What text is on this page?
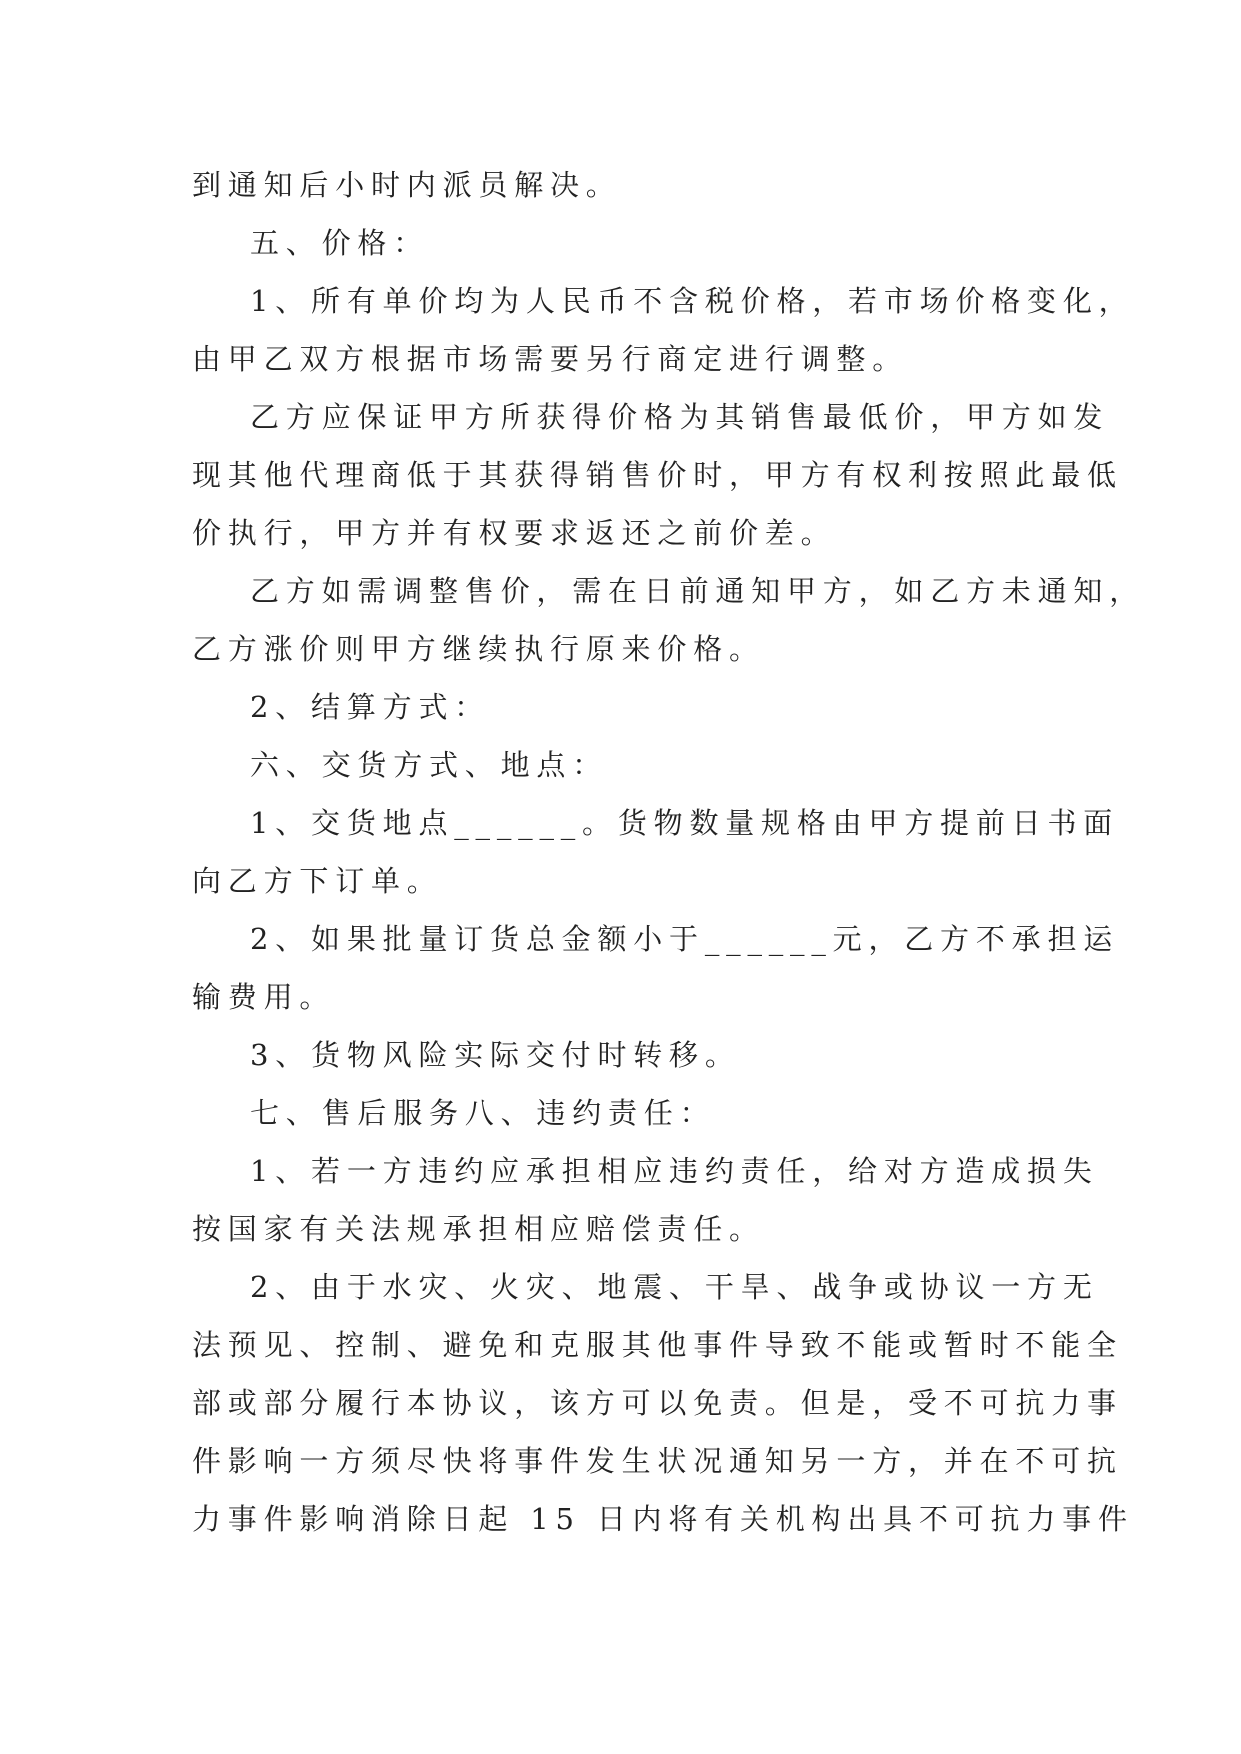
到通知后小时内派员解决。
五、价格：
1、所有单价均为人民币不含税价格，若市场价格变化，
由甲乙双方根据市场需要另行商定进行调整。
乙方应保证甲方所获得价格为其销售最低价，甲方如发
现其他代理商低于其获得销售价时，甲方有权利按照此最低
价执行，甲方并有权要求返还之前价差。
乙方如需调整售价，需在日前通知甲方，如乙方未通知，
乙方涨价则甲方继续执行原来价格。
2、结算方式：
六、交货方式、地点：
1、交货地点______。货物数量规格由甲方提前日书面
向乙方下订单。
2、如果批量订货总金额小于______元，乙方不承担运
输费用。
3、货物风险实际交付时转移。
七、售后服务八、违约责任：
1、若一方违约应承担相应违约责任，给对方造成损失
按国家有关法规承担相应赔偿责任。
2、由于水灾、火灾、地震、干旱、战争或协议一方无
法预见、控制、避免和克服其他事件导致不能或暂时不能全
部或部分履行本协议，该方可以免责。但是，受不可抗力事
件影响一方须尽快将事件发生状况通知另一方，并在不可抗
力事件影响消除日起 15 日内将有关机构出具不可抗力事件
